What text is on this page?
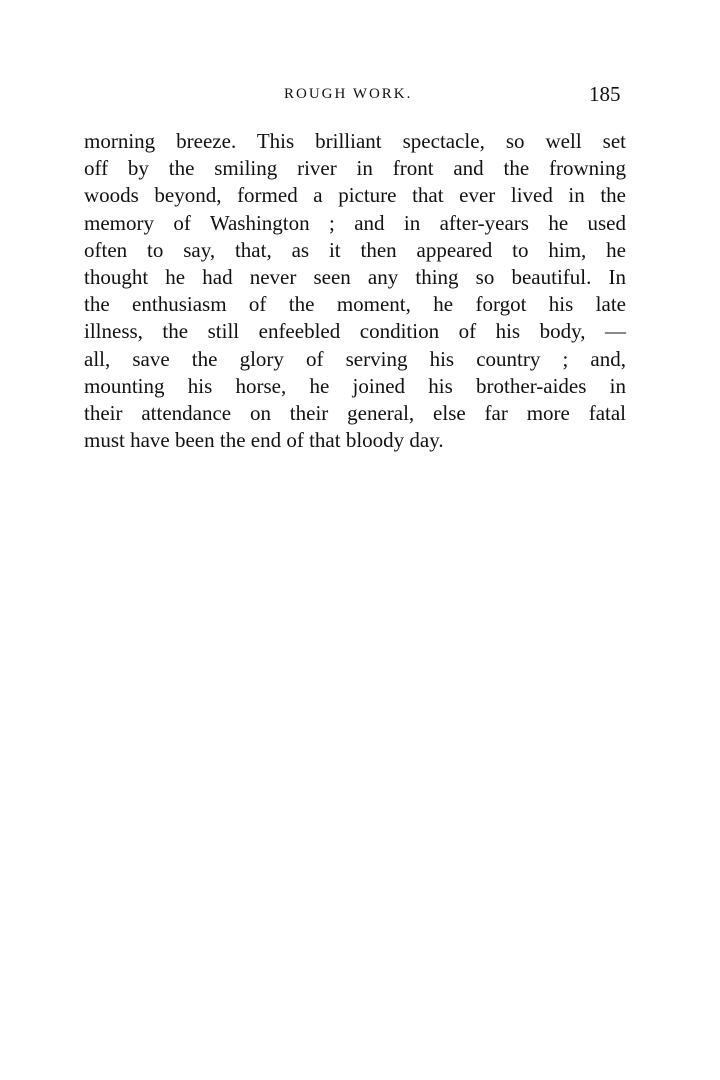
ROUGH WORK.	185
morning breeze. This brilliant spectacle, so well set
off by the smiling river in front and the frowning
woods beyond, formed a picture that ever lived in the
memory of Washington ; and in after-years he used
often to say, that, as it then appeared to him, he
thought he had never seen any thing so beautiful. In
the enthusiasm of the moment, he forgot his late
illness, the still enfeebled condition of his body, —
all, save the glory of serving his country ; and,
mounting his horse, he joined his brother-aides in
their attendance on their general, else far more fatal
must have been the end of that bloody day.
